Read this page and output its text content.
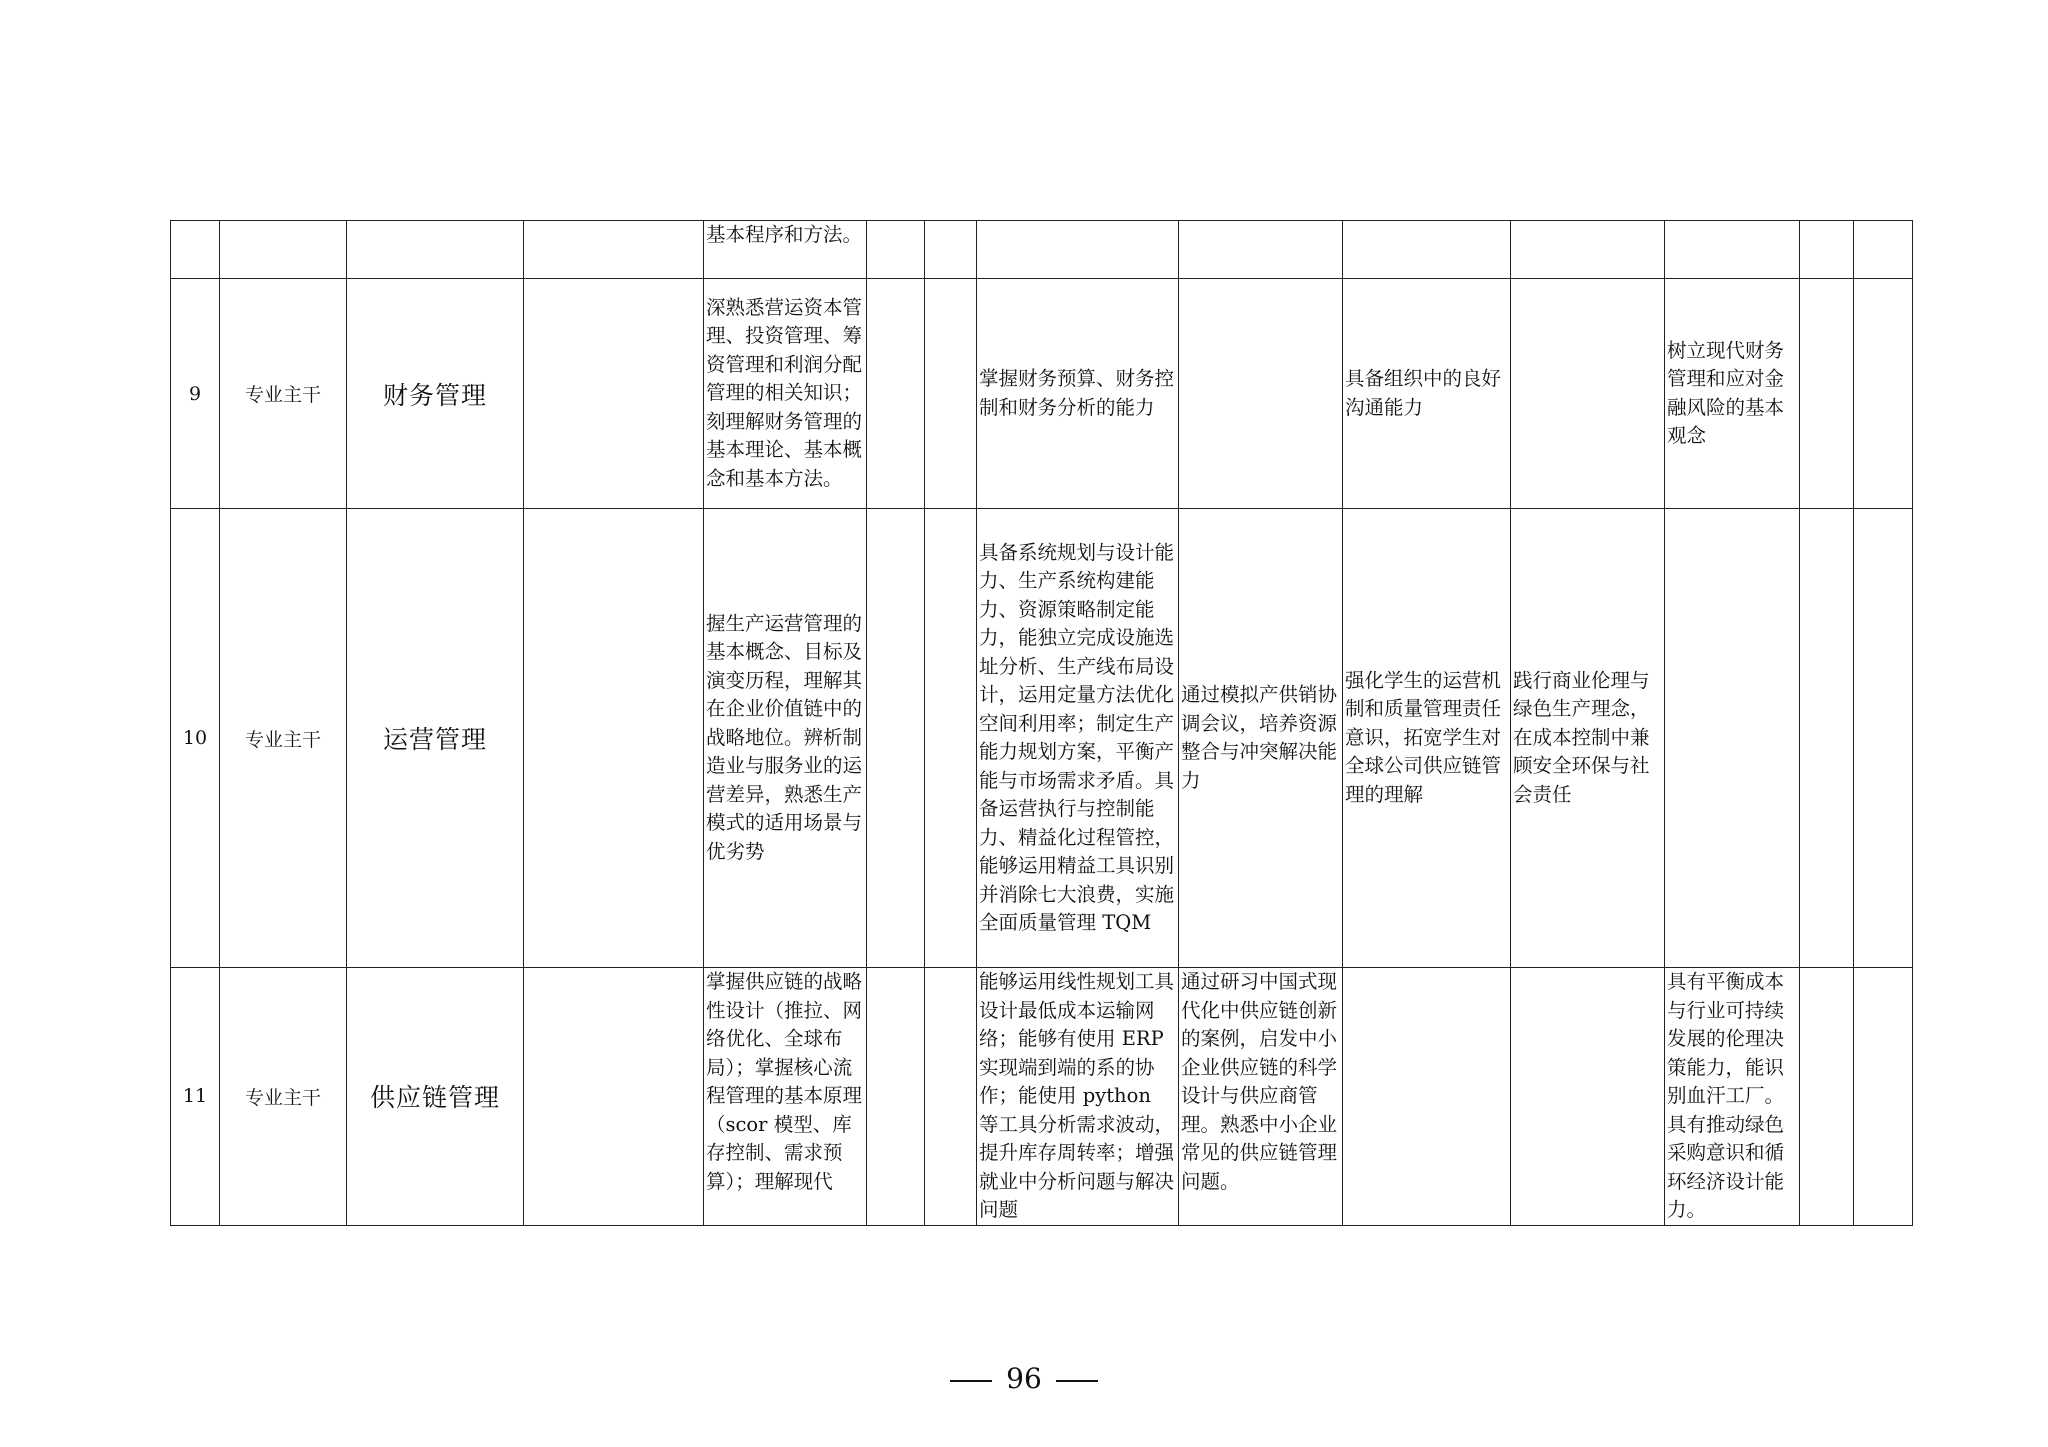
				基本程序和方法。									

9	专业主干	财务管理		深熟悉营运资本管理、投资管理、筹资管理和利润分配管理的相关知识；刻理解财务管理的基本理论、基本概念和基本方法。			掌握财务预算、财务控制和财务分析的能力		具备组织中的良好沟通能力		树立现代财务管理和应对金融风险的基本观念		

10	专业主干	运营管理		握生产运营管理的基本概念、目标及演变历程，理解其在企业价值链中的战略地位。辨析制造业与服务业的运营差异，熟悉生产模式的适用场景与优劣势			具备系统规划与设计能力、生产系统构建能力、资源策略制定能力，能独立完成设施选址分析、生产线布局设计，运用定量方法优化空间利用率；制定生产能力规划方案，平衡产能与市场需求矛盾。具备运营执行与控制能力、精益化过程管控，能够运用精益工具识别并消除七大浪费，实施全面质量管理 TQM	通过模拟产供销协调会议，培养资源整合与冲突解决能力	强化学生的运营机制和质量管理责任意识，拓宽学生对全球公司供应链管理的理解	践行商业伦理与绿色生产理念，在成本控制中兼顾安全环保与社会责任			

11	专业主干	供应链管理		掌握供应链的战略性设计（推拉、网络优化、全球布局）；掌握核心流程管理的基本原理（scor 模型、库存控制、需求预算）；理解现代			能够运用线性规划工具设计最低成本运输网络；能够有使用 ERP 实现端到端的系的协作；能使用 python 等工具分析需求波动，提升库存周转率；增强就业中分析问题与解决问题	通过研习中国式现代化中供应链创新的案例，启发中小企业供应链的科学设计与供应商管理。熟悉中小企业常见的供应链管理问题。			具有平衡成本与行业可持续发展的伦理决策能力，能识别血汗工厂。具有推动绿色采购意识和循环经济设计能力。		

96
